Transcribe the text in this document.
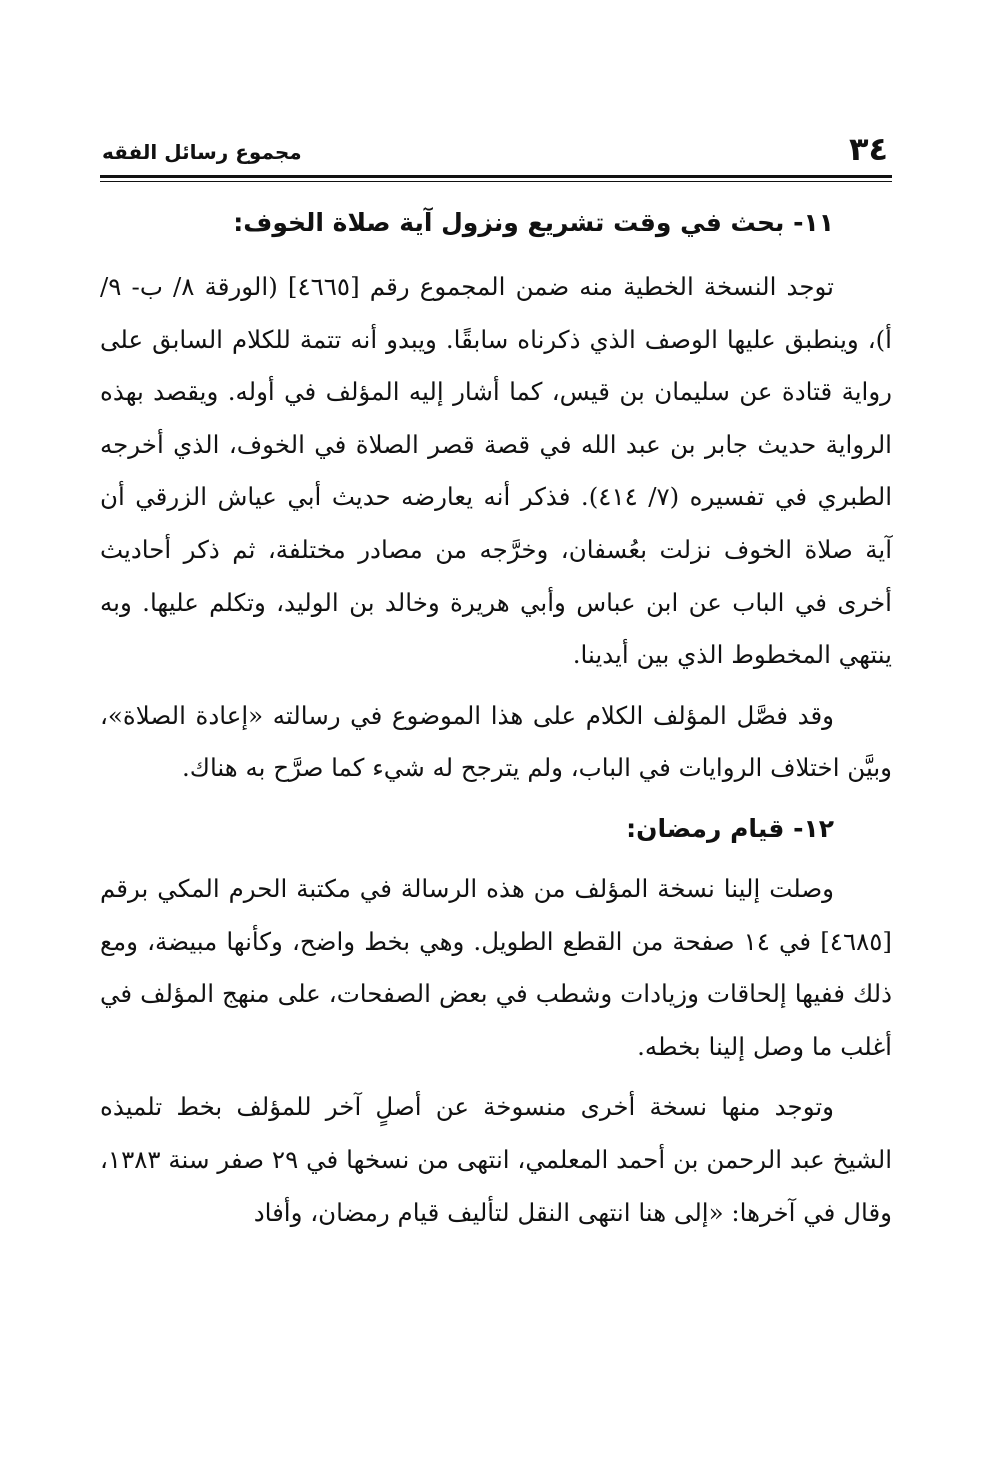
٣٤
مجموع رسائل الفقه
١١- بحث في وقت تشريع ونزول آية صلاة الخوف:

توجد النسخة الخطية منه ضمن المجموع رقم [٤٦٦٥] (الورقة ٨/ ب- ٩/ أ)، وينطبق عليها الوصف الذي ذكرناه سابقًا. ويبدو أنه تتمة للكلام السابق على رواية قتادة عن سليمان بن قيس، كما أشار إليه المؤلف في أوله. ويقصد بهذه الرواية حديث جابر بن عبد الله في قصة قصر الصلاة في الخوف، الذي أخرجه الطبري في تفسيره (٧/ ٤١٤). فذكر أنه يعارضه حديث أبي عياش الزرقي أن آية صلاة الخوف نزلت بعُسفان، وخرَّجه من مصادر مختلفة، ثم ذكر أحاديث أخرى في الباب عن ابن عباس وأبي هريرة وخالد بن الوليد، وتكلم عليها. وبه ينتهي المخطوط الذي بين أيدينا.

وقد فصَّل المؤلف الكلام على هذا الموضوع في رسالته «إعادة الصلاة»، وبيَّن اختلاف الروايات في الباب، ولم يترجح له شيء كما صرَّح به هناك.

١٢- قيام رمضان:

وصلت إلينا نسخة المؤلف من هذه الرسالة في مكتبة الحرم المكي برقم [٤٦٨٥] في ١٤ صفحة من القطع الطويل. وهي بخط واضح، وكأنها مبيضة، ومع ذلك ففيها إلحاقات وزيادات وشطب في بعض الصفحات، على منهج المؤلف في أغلب ما وصل إلينا بخطه.

وتوجد منها نسخة أخرى منسوخة عن أصلٍ آخر للمؤلف بخط تلميذه الشيخ عبد الرحمن بن أحمد المعلمي، انتهى من نسخها في ٢٩ صفر سنة ١٣٨٣، وقال في آخرها: «إلى هنا انتهى النقل لتأليف قيام رمضان، وأفاد
